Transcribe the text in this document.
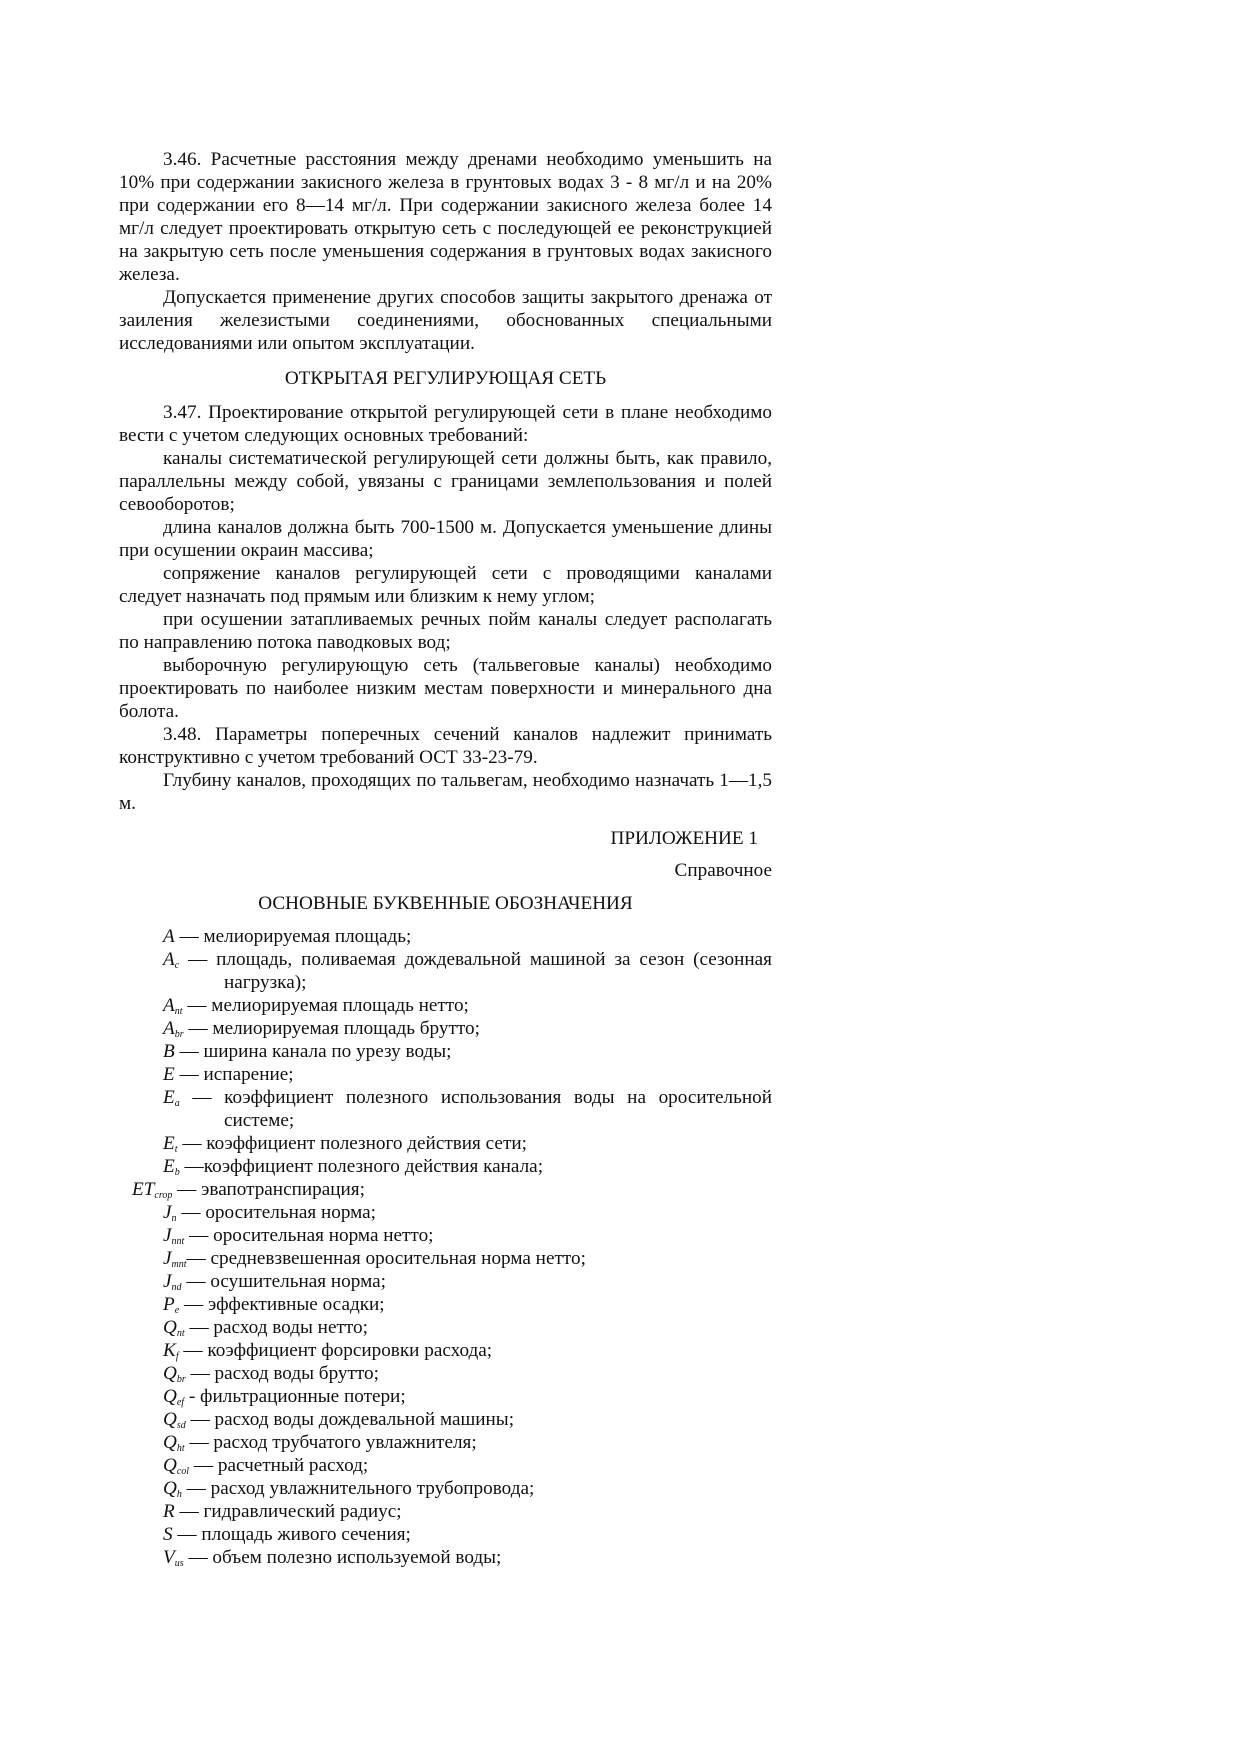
3.46. Расчетные расстояния между дренами необходимо уменьшить на 10% при содержании закисного железа в грунтовых водах 3 - 8 мг/л и на 20% при содержании его 8—14 мг/л. При содержании закисного железа более 14 мг/л следует проектировать открытую сеть с последующей ее реконструкцией на закрытую сеть после уменьшения содержания в грунтовых водах закисного железа.

Допускается применение других способов защиты закрытого дренажа от заиления железистыми соединениями, обоснованных специальными исследованиями или опытом эксплуатации.

ОТКРЫТАЯ РЕГУЛИРУЮЩАЯ СЕТЬ

3.47. Проектирование открытой регулирующей сети в плане необходимо вести с учетом следующих основных требований:

каналы систематической регулирующей сети должны быть, как правило, параллельны между собой, увязаны с границами землепользования и полей севооборотов;

длина каналов должна быть 700-1500 м. Допускается уменьшение длины при осушении окраин массива;

сопряжение каналов регулирующей сети с проводящими каналами следует назначать под прямым или близким к нему углом;

при осушении затапливаемых речных пойм каналы следует располагать по направлению потока паводковых вод;

выборочную регулирующую сеть (тальвеговые каналы) необходимо проектировать по наиболее низким местам поверхности и минерального дна болота.

3.48. Параметры поперечных сечений каналов надлежит принимать конструктивно с учетом требований ОСТ 33-23-79.

Глубину каналов, проходящих по тальвегам, необходимо назначать 1—1,5 м.

ПРИЛОЖЕНИЕ 1
Справочное
ОСНОВНЫЕ БУКВЕННЫЕ ОБОЗНАЧЕНИЯ

A — мелиорируемая площадь;

$A_c$ — площадь, поливаемая дождевальной машиной за сезон (сезонная нагрузка);

$A_{nt}$ — мелиорируемая площадь нетто;

$A_{br}$ — мелиорируемая площадь брутто;

B — ширина канала по урезу воды;

E — испарение;

$E_a$ — коэффициент полезного использования воды на оросительной системе;

$E_t$ — коэффициент полезного действия сети;

$E_b$ —коэффициент полезного действия канала;

$ET_{crop}$ — эвапотранспирация;

$J_n$ — оросительная норма;

$J_{nnt}$ — оросительная норма нетто;

$J_{mnt}—$ средневзвешенная оросительная норма нетто;

$J_{nd}$ — осушительная норма;

$P_e$ — эффективные осадки;

$Q_{nt}$ — расход воды нетто;

$K_f$ — коэффициент форсировки расхода;

$Q_{br}$ — расход воды брутто;

$Q_{ef}$ - фильтрационные потери;

$Q_{sd}$ — расход воды дождевальной машины;

$Q_{ht}$ — расход трубчатого увлажнителя;

$Q_{col}$ — расчетный расход;

$Q_h$ — расход увлажнительного трубопровода;

R — гидравлический радиус;

S — площадь живого сечения;

$V_{us}$ — объем полезно используемой воды;
